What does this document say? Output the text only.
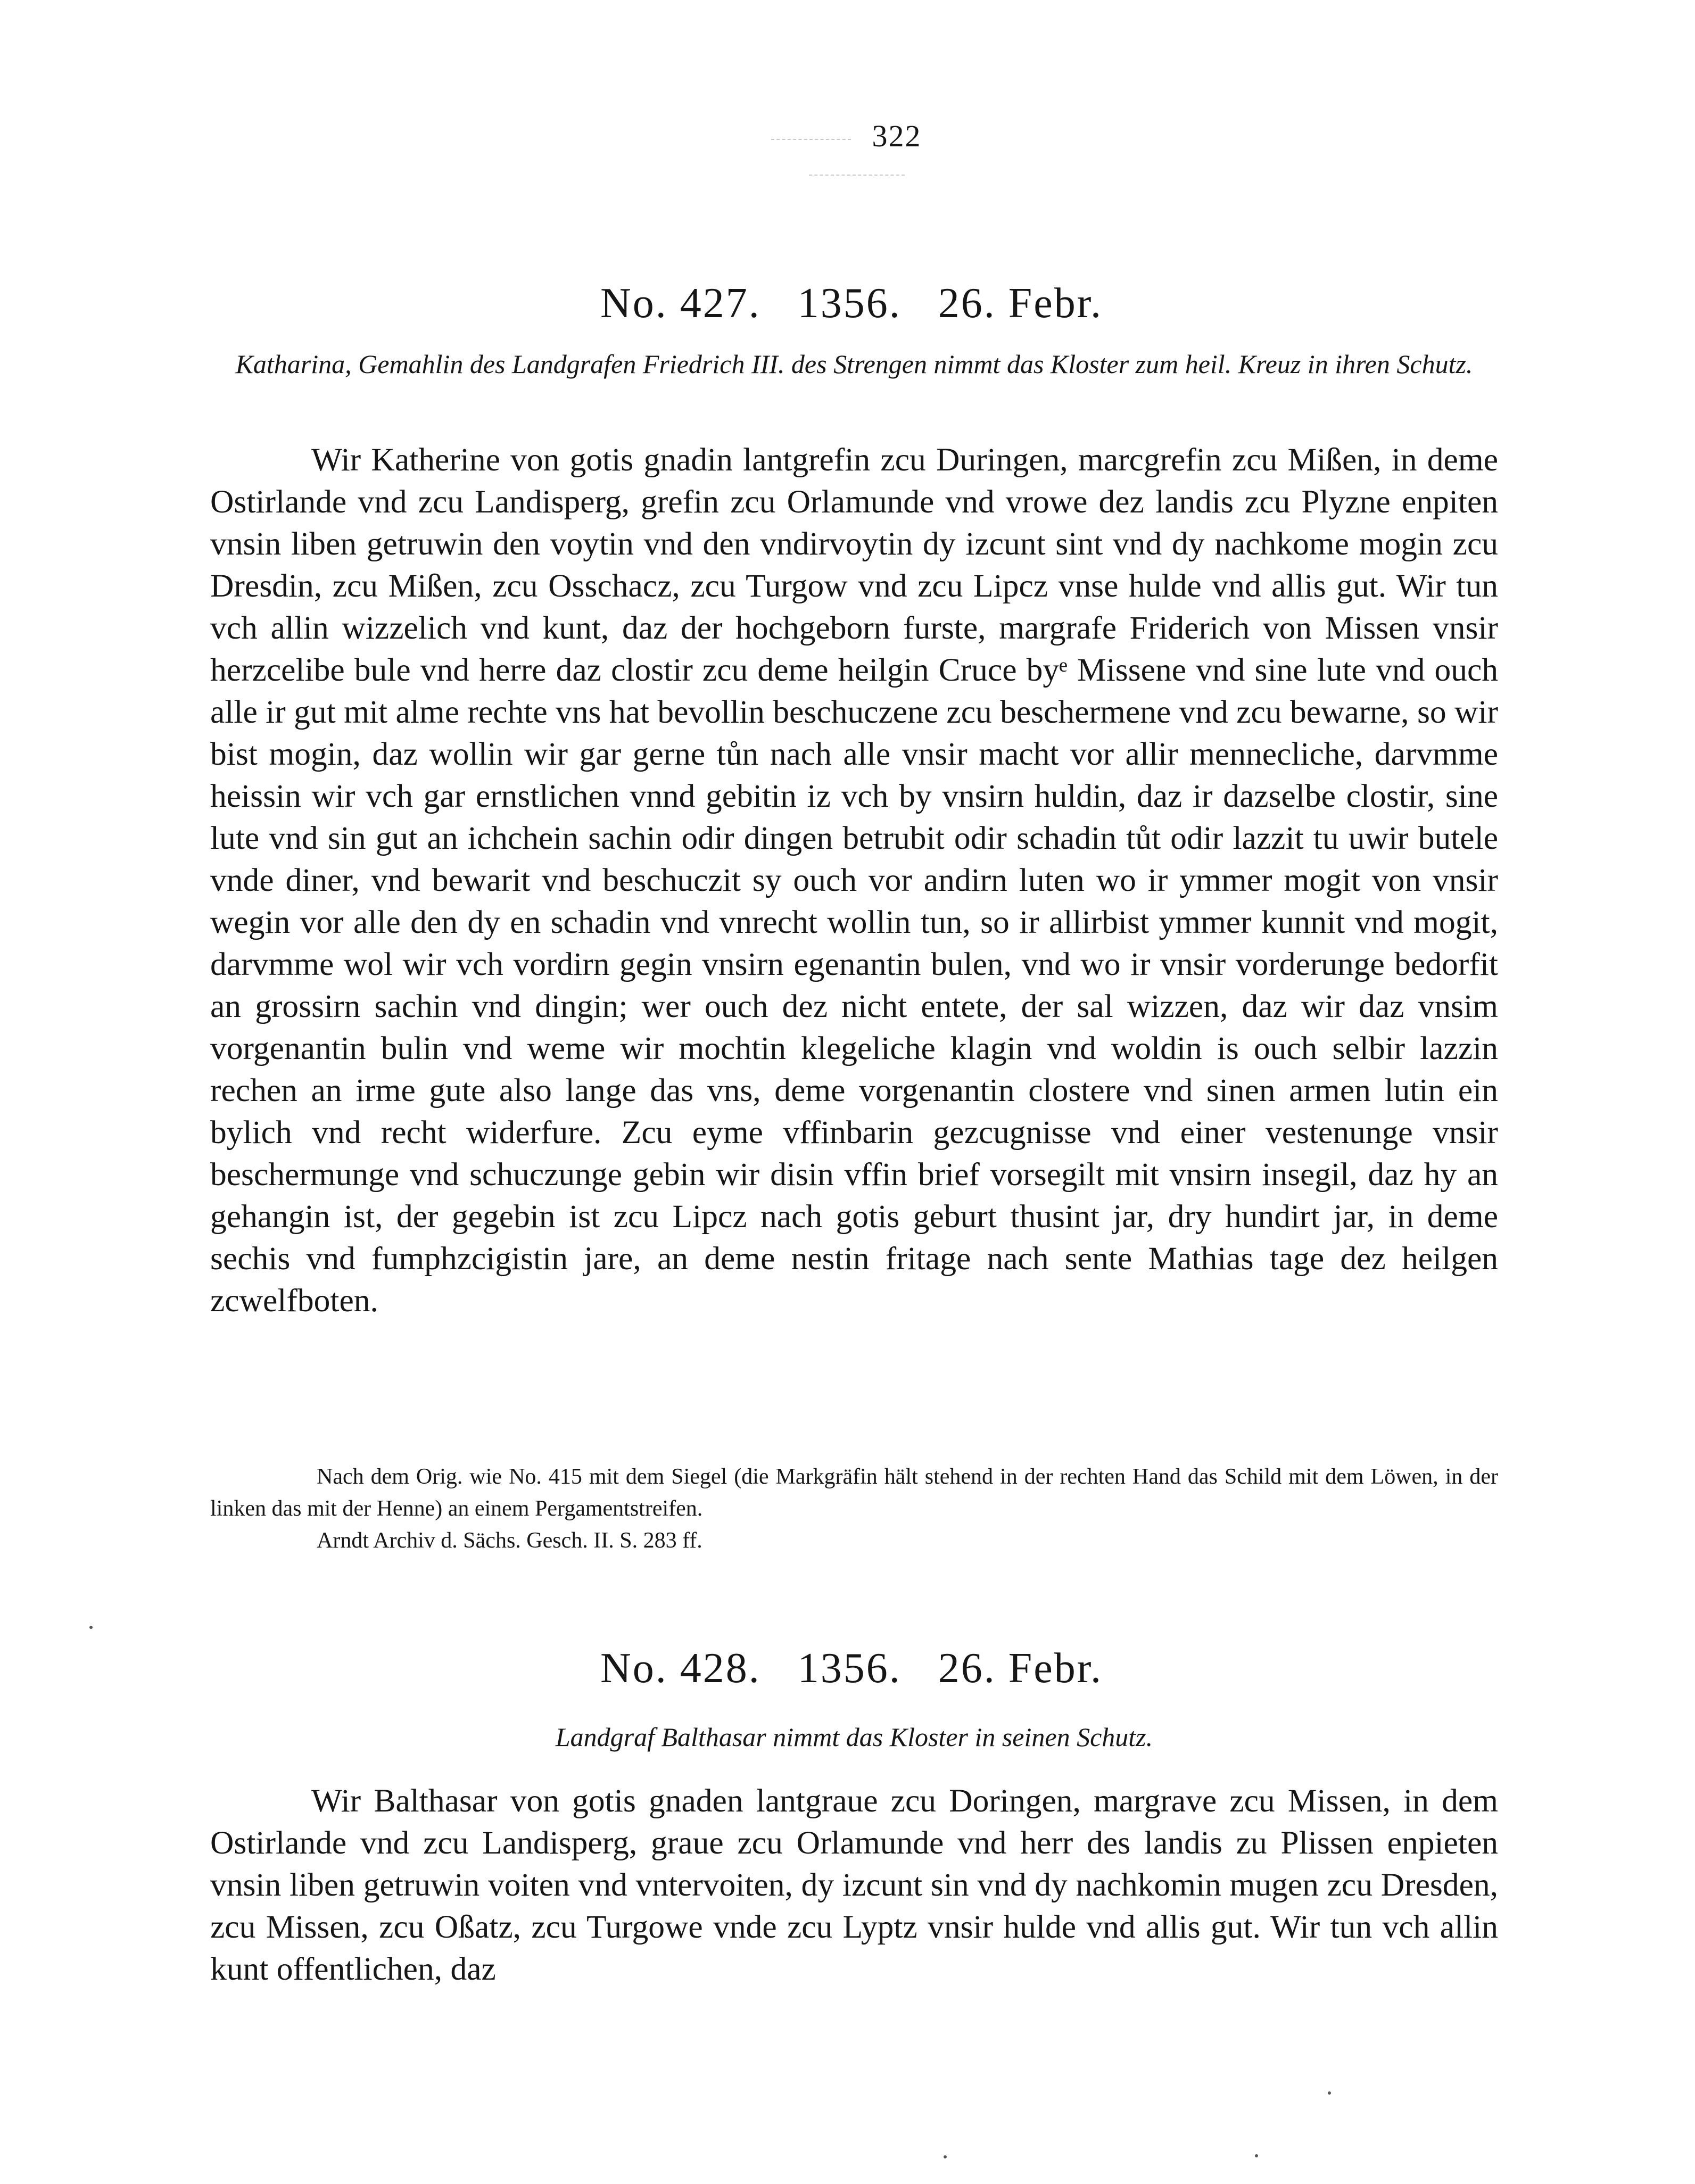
322
No. 427.   1356.   26. Febr.
Katharina, Gemahlin des Landgrafen Friedrich III. des Strengen nimmt das Kloster zum heil. Kreuz in ihren Schutz.

Wir Katherine von gotis gnadin lantgrefin zcu Duringen, marcgrefin zcu Mißen, in deme Ostirlande vnd zcu Landisperg, grefin zcu Orlamunde vnd vrowe dez landis zcu Plyzne enpiten vnsin liben getruwin den voytin vnd den vndirvoytin dy izcunt sint vnd dy nachkome mogin zcu Dresdin, zcu Mißen, zcu Osschacz, zcu Turgow vnd zcu Lipcz vnse hulde vnd allis gut. Wir tun vch allin wizzelich vnd kunt, daz der hochgeborn furste, margrafe Friderich von Missen vnsir herzcelibe bule vnd herre daz clostir zcu deme heilgin Cruce byᵉ Missene vnd sine lute vnd ouch alle ir gut mit alme rechte vns hat bevollin beschuczene zcu beschermene vnd zcu bewarne, so wir bist mogin, daz wollin wir gar gerne tůn nach alle vnsir macht vor allir mennecliche, darvmme heissin wir vch gar ernstlichen vnnd gebitin iz vch by vnsirn huldin, daz ir dazselbe clostir, sine lute vnd sin gut an ichchein sachin odir dingen betrubit odir schadin tůt odir lazzit tu uwir butele vnde diner, vnd bewarit vnd beschuczit sy ouch vor andirn luten wo ir ymmer mogit von vnsir wegin vor alle den dy en schadin vnd vnrecht wollin tun, so ir allirbist ymmer kunnit vnd mogit, darvmme wol wir vch vordirn gegin vnsirn egenantin bulen, vnd wo ir vnsir vorderunge bedorfit an grossirn sachin vnd dingin; wer ouch dez nicht entete, der sal wizzen, daz wir daz vnsim vorgenantin bulin vnd weme wir mochtin klegeliche klagin vnd woldin is ouch selbir lazzin rechen an irme gute also lange das vns, deme vorgenantin clostere vnd sinen armen lutin ein bylich vnd recht widerfure. Zcu eyme vffinbarin gezcugnisse vnd einer vestenunge vnsir beschermunge vnd schuczunge gebin wir disin vffin brief vorsegilt mit vnsirn insegil, daz hy an gehangin ist, der gegebin ist zcu Lipcz nach gotis geburt thusint jar, dry hundirt jar, in deme sechis vnd fumphzcigistin jare, an deme nestin fritage nach sente Mathias tage dez heilgen zcwelfboten.

Nach dem Orig. wie No. 415 mit dem Siegel (die Markgräfin hält stehend in der rechten Hand das Schild mit dem Löwen, in der linken das mit der Henne) an einem Pergamentstreifen.

Arndt Archiv d. Sächs. Gesch. II. S. 283 ff.

No. 428.   1356.   26. Febr.
Landgraf Balthasar nimmt das Kloster in seinen Schutz.

Wir Balthasar von gotis gnaden lantgraue zcu Doringen, margrave zcu Missen, in dem Ostirlande vnd zcu Landisperg, graue zcu Orlamunde vnd herr des landis zu Plissen enpieten vnsin liben getruwin voiten vnd vntervoiten, dy izcunt sin vnd dy nachkomin mugen zcu Dresden, zcu Missen, zcu Oßatz, zcu Turgowe vnde zcu Lyptz vnsir hulde vnd allis gut. Wir tun vch allin kunt offentlichen, daz
